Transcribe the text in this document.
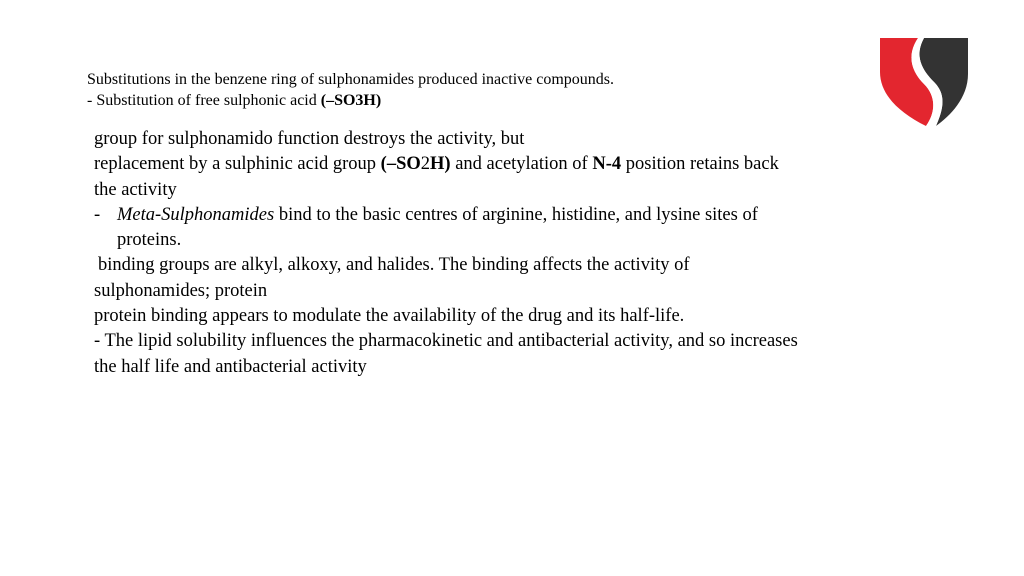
Substitutions in the benzene ring of sulphonamides produced inactive compounds.
- Substitution of free sulphonic acid (–SO3H)
group for sulphonamido function destroys the activity, but
replacement by a sulphinic acid group (–SO2H) and acetylation of N-4 position retains back
the activity
- Meta-Sulphonamides bind to the basic centres of arginine, histidine, and lysine sites of
proteins.
binding groups are alkyl, alkoxy, and halides. The binding affects the activity of
sulphonamides; protein
protein binding appears to modulate the availability of the drug and its half-life.
- The lipid solubility influences the pharmacokinetic and antibacterial activity, and so increases
the half life and antibacterial activity
